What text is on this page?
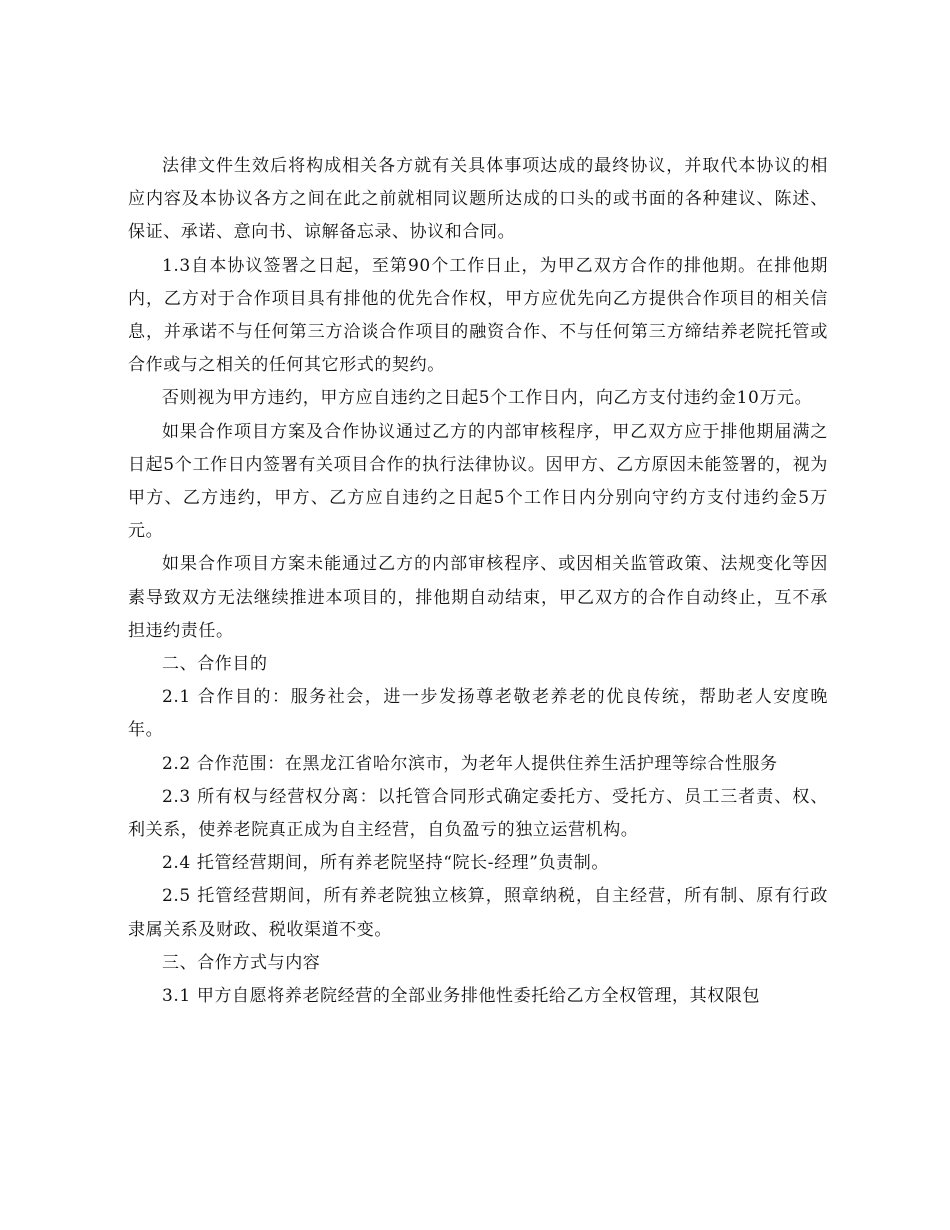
法律文件生效后将构成相关各方就有关具体事项达成的最终协议，并取代本协议的相应内容及本协议各方之间在此之前就相同议题所达成的口头的或书面的各种建议、陈述、保证、承诺、意向书、谅解备忘录、协议和合同。

1.3自本协议签署之日起，至第90个工作日止，为甲乙双方合作的排他期。在排他期内，乙方对于合作项目具有排他的优先合作权，甲方应优先向乙方提供合作项目的相关信息，并承诺不与任何第三方洽谈合作项目的融资合作、不与任何第三方缔结养老院托管或合作或与之相关的任何其它形式的契约。

否则视为甲方违约，甲方应自违约之日起5个工作日内，向乙方支付违约金10万元。

如果合作项目方案及合作协议通过乙方的内部审核程序，甲乙双方应于排他期届满之日起5个工作日内签署有关项目合作的执行法律协议。因甲方、乙方原因未能签署的，视为甲方、乙方违约，甲方、乙方应自违约之日起5个工作日内分别向守约方支付违约金5万元。

如果合作项目方案未能通过乙方的内部审核程序、或因相关监管政策、法规变化等因素导致双方无法继续推进本项目的，排他期自动结束，甲乙双方的合作自动终止，互不承担违约责任。

二、合作目的

2.1 合作目的：服务社会，进一步发扬尊老敬老养老的优良传统，帮助老人安度晚年。

2.2 合作范围：在黑龙江省哈尔滨市，为老年人提供住养生活护理等综合性服务

2.3 所有权与经营权分离：以托管合同形式确定委托方、受托方、员工三者责、权、利关系，使养老院真正成为自主经营，自负盈亏的独立运营机构。

2.4 托管经营期间，所有养老院坚持“院长-经理”负责制。

2.5 托管经营期间，所有养老院独立核算，照章纳税，自主经营，所有制、原有行政隶属关系及财政、税收渠道不变。

三、合作方式与内容

3.1 甲方自愿将养老院经营的全部业务排他性委托给乙方全权管理，其权限包
